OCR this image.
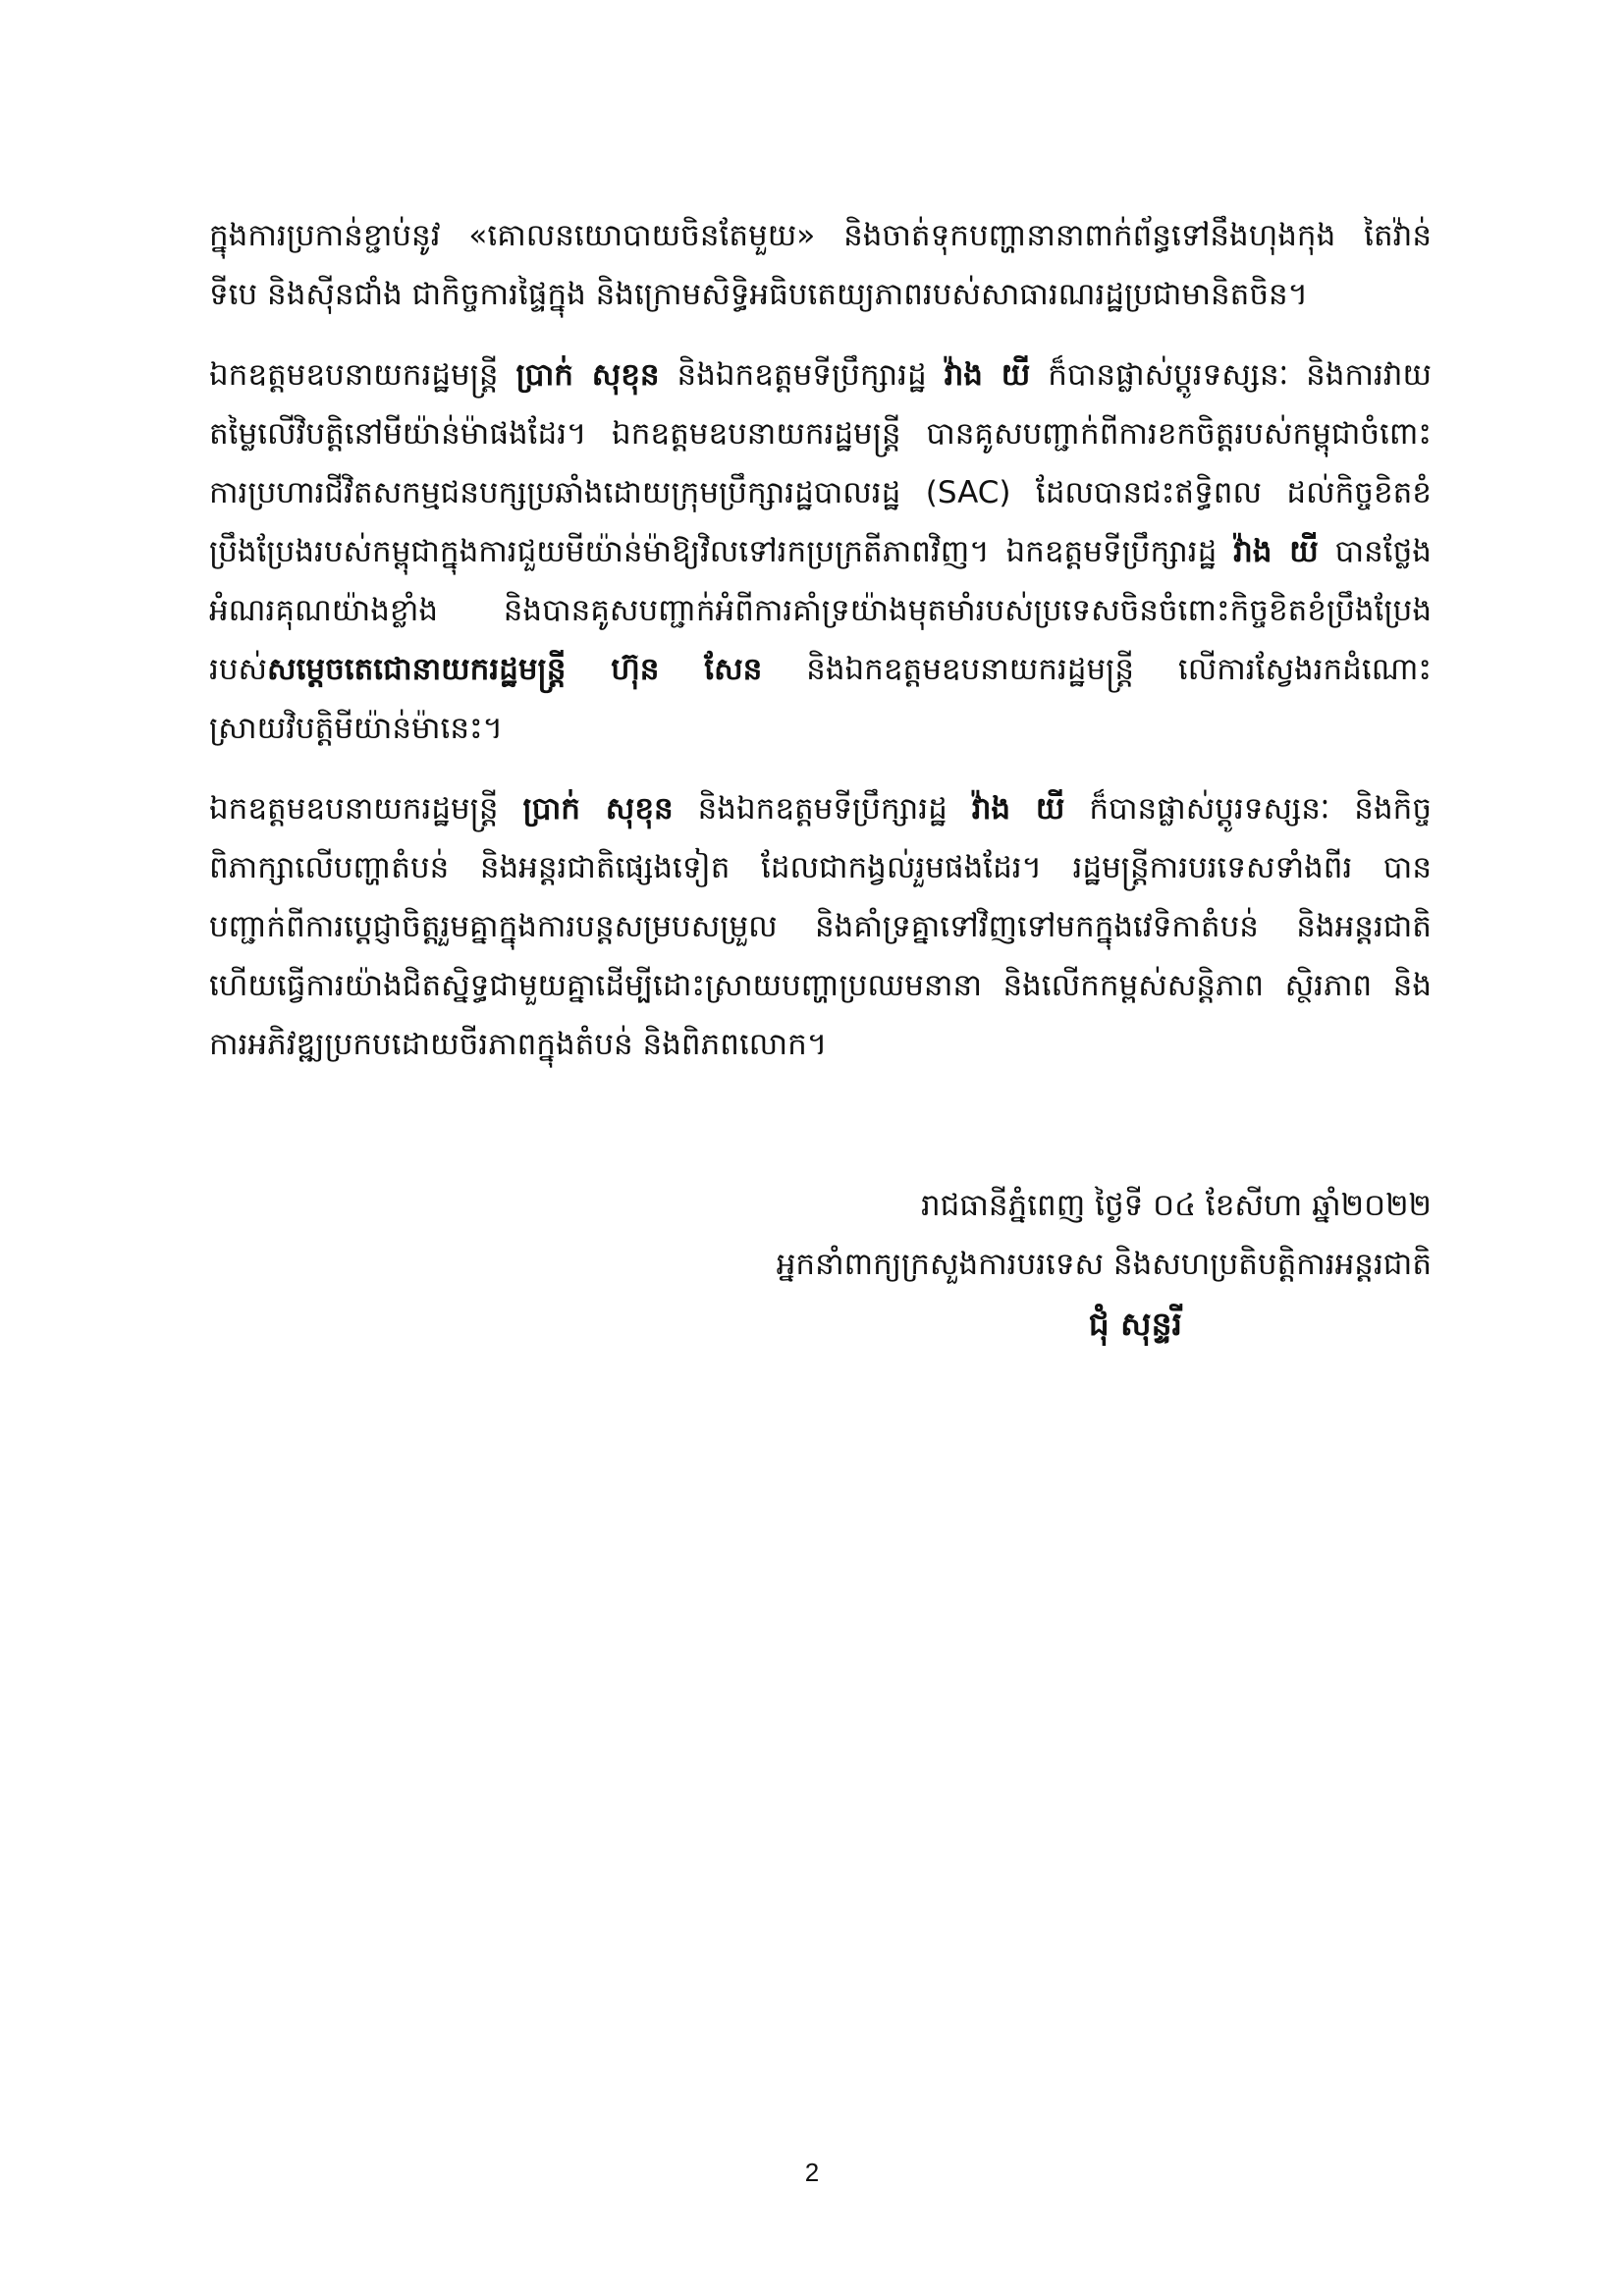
ក្នុងការប្រកាន់ខ្ជាប់នូវ «គោលនយោបាយចិនតែមួយ» និងចាត់ទុកបញ្ហានានាពាក់ព័ន្ធទៅនឹងហុងកុង តៃវ៉ាន់ ទីបេ និងស៊ីនជាំង ជាកិច្ចការផ្ទៃក្នុង និងក្រោមសិទ្ធិអធិបតេយ្យភាពរបស់សាធារណរដ្ឋប្រជាមានិតចិន។

ឯកឧត្តមឧបនាយករដ្ឋមន្ត្រី ប្រាក់ សុខុន និងឯកឧត្តមទីប្រឹក្សារដ្ឋ វ៉ាង យី ក៏បានផ្លាស់ប្តូរទស្សនៈ និងការវាយតម្លៃលើវិបត្តិនៅមីយ៉ាន់ម៉ាផងដែរ។ ឯកឧត្តមឧបនាយករដ្ឋមន្ត្រី បានគូសបញ្ជាក់ពីការខកចិត្តរបស់កម្ពុជាចំពោះការប្រហារជីវិតសកម្មជនបក្សប្រឆាំងដោយក្រុមប្រឹក្សារដ្ឋបាលរដ្ឋ (SAC) ដែលបានជះឥទ្ធិពល ដល់កិច្ចខិតខំប្រឹងប្រែងរបស់កម្ពុជាក្នុងការជួយមីយ៉ាន់ម៉ាឱ្យវិលទៅរកប្រក្រតីភាពវិញ។ ឯកឧត្តមទីប្រឹក្សារដ្ឋ វ៉ាង យី បានថ្លែងអំណរគុណយ៉ាងខ្លាំង និងបានគូសបញ្ជាក់អំពីការគាំទ្រយ៉ាងមុតមាំរបស់ប្រទេសចិនចំពោះកិច្ចខិតខំប្រឹងប្រែងរបស់សម្តេចតេជោនាយករដ្ឋមន្ត្រី ហ៊ុន សែន និងឯកឧត្តមឧបនាយករដ្ឋមន្ត្រី លើការស្វែងរកដំណោះស្រាយវិបត្តិមីយ៉ាន់ម៉ានេះ។

ឯកឧត្តមឧបនាយករដ្ឋមន្ត្រី ប្រាក់ សុខុន និងឯកឧត្តមទីប្រឹក្សារដ្ឋ វ៉ាង យី ក៏បានផ្លាស់ប្តូរទស្សនៈ និងកិច្ចពិភាក្សាលើបញ្ហាតំបន់ និងអន្តរជាតិផ្សេងទៀត ដែលជាកង្វល់រួមផងដែរ។ រដ្ឋមន្ត្រីការបរទេសទាំងពីរ បានបញ្ជាក់ពីការប្តេជ្ញាចិត្តរួមគ្នាក្នុងការបន្តសម្របសម្រួល និងគាំទ្រគ្នាទៅវិញទៅមកក្នុងវេទិកាតំបន់ និងអន្តរជាតិ ហើយធ្វើការយ៉ាងជិតស្និទ្ធជាមួយគ្នាដើម្បីដោះស្រាយបញ្ហាប្រឈមនានា និងលើកកម្ពស់សន្តិភាព ស្ថិរភាព និងការអភិវឌ្ឍប្រកបដោយចីរភាពក្នុងតំបន់ និងពិភពលោក។

រាជធានីភ្នំពេញ ថ្ងៃទី ០៤ ខែសីហា ឆ្នាំ២០២២
អ្នកនាំពាក្យក្រសួងការបរទេស និងសហប្រតិបត្តិការអន្តរជាតិ
ជុំ សុន្ទរី
2
